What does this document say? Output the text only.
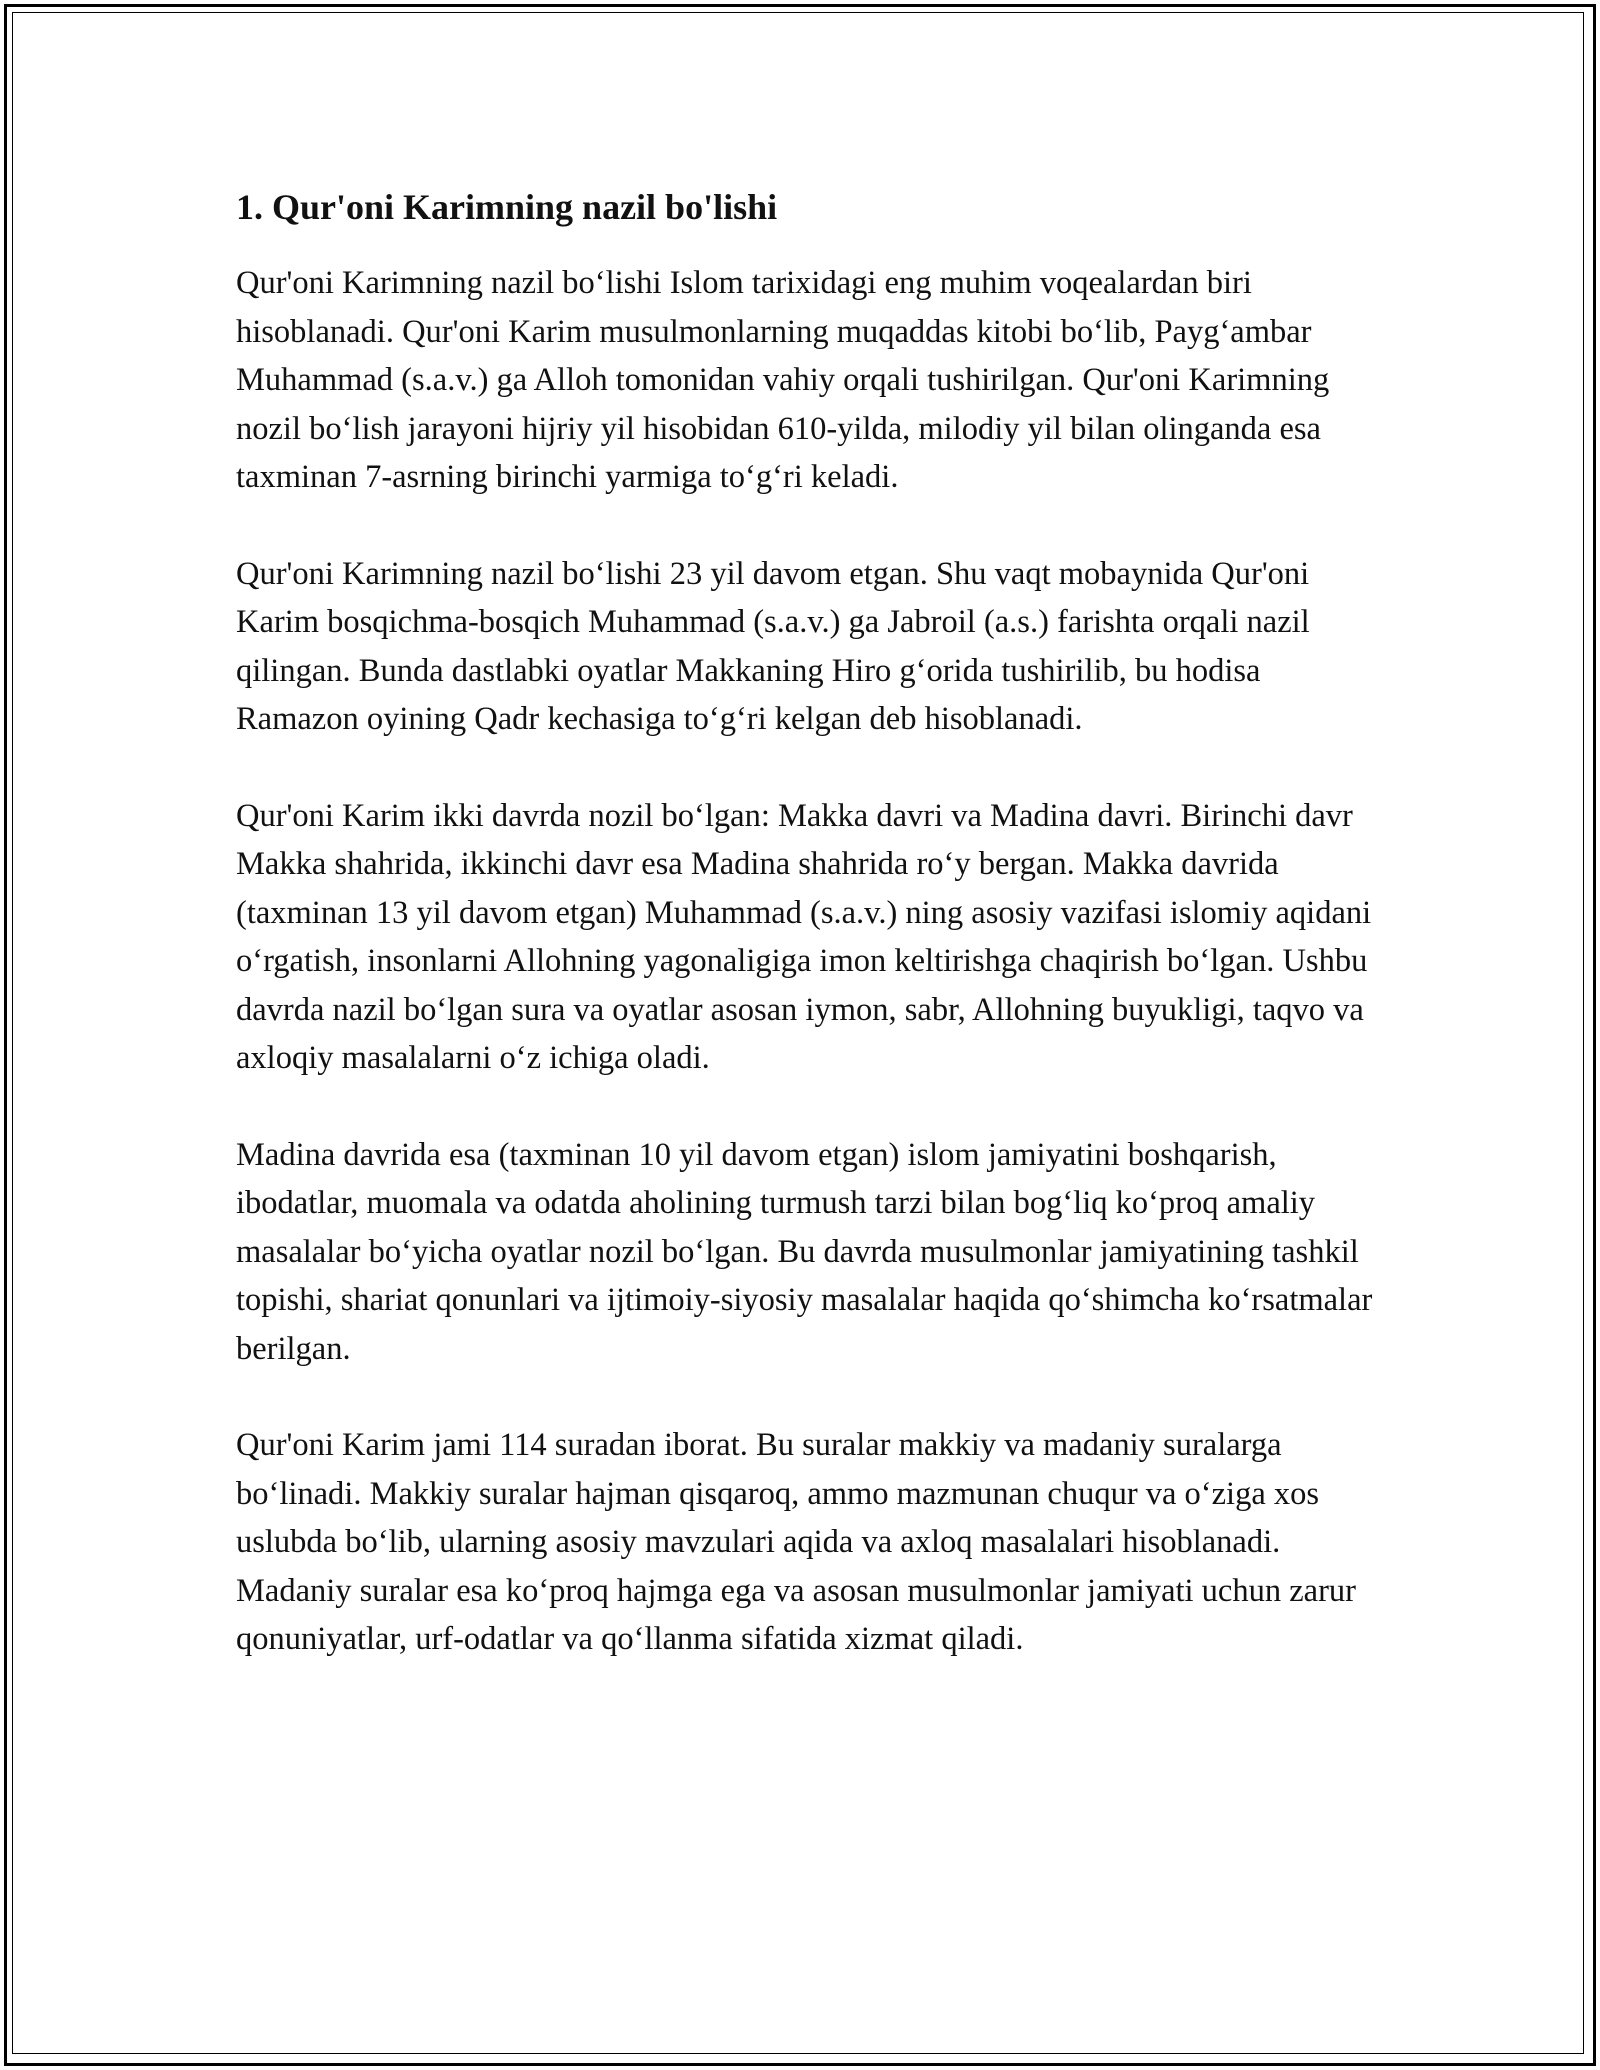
1. Qur'oni Karimning nazil bo'lishi

Qur'oni Karimning nazil bo‘lishi Islom tarixidagi eng muhim voqealardan biri hisoblanadi. Qur'oni Karim musulmonlarning muqaddas kitobi bo‘lib, Payg‘ambar Muhammad (s.a.v.) ga Alloh tomonidan vahiy orqali tushirilgan. Qur'oni Karimning nozil bo‘lish jarayoni hijriy yil hisobidan 610-yilda, milodiy yil bilan olinganda esa taxminan 7-asrning birinchi yarmiga to‘g‘ri keladi.

Qur'oni Karimning nazil bo‘lishi 23 yil davom etgan. Shu vaqt mobaynida Qur'oni Karim bosqichma-bosqich Muhammad (s.a.v.) ga Jabroil (a.s.) farishta orqali nazil qilingan. Bunda dastlabki oyatlar Makkaning Hiro g‘orida tushirilib, bu hodisa Ramazon oyining Qadr kechasiga to‘g‘ri kelgan deb hisoblanadi.

Qur'oni Karim ikki davrda nozil bo‘lgan: Makka davri va Madina davri. Birinchi davr Makka shahrida, ikkinchi davr esa Madina shahrida ro‘y bergan. Makka davrida (taxminan 13 yil davom etgan) Muhammad (s.a.v.) ning asosiy vazifasi islomiy aqidani o‘rgatish, insonlarni Allohning yagonaligiga imon keltirishga chaqirish bo‘lgan. Ushbu davrda nazil bo‘lgan sura va oyatlar asosan iymon, sabr, Allohning buyukligi, taqvo va axloqiy masalalarni o‘z ichiga oladi.

Madina davrida esa (taxminan 10 yil davom etgan) islom jamiyatini boshqarish, ibodatlar, muomala va odatda aholining turmush tarzi bilan bog‘liq ko‘proq amaliy masalalar bo‘yicha oyatlar nozil bo‘lgan. Bu davrda musulmonlar jamiyatining tashkil topishi, shariat qonunlari va ijtimoiy-siyosiy masalalar haqida qo‘shimcha ko‘rsatmalar berilgan.

Qur'oni Karim jami 114 suradan iborat. Bu suralar makkiy va madaniy suralarga bo‘linadi. Makkiy suralar hajman qisqaroq, ammo mazmunan chuqur va o‘ziga xos uslubda bo‘lib, ularning asosiy mavzulari aqida va axloq masalalari hisoblanadi. Madaniy suralar esa ko‘proq hajmga ega va asosan musulmonlar jamiyati uchun zarur qonuniyatlar, urf-odatlar va qo‘llanma sifatida xizmat qiladi.
